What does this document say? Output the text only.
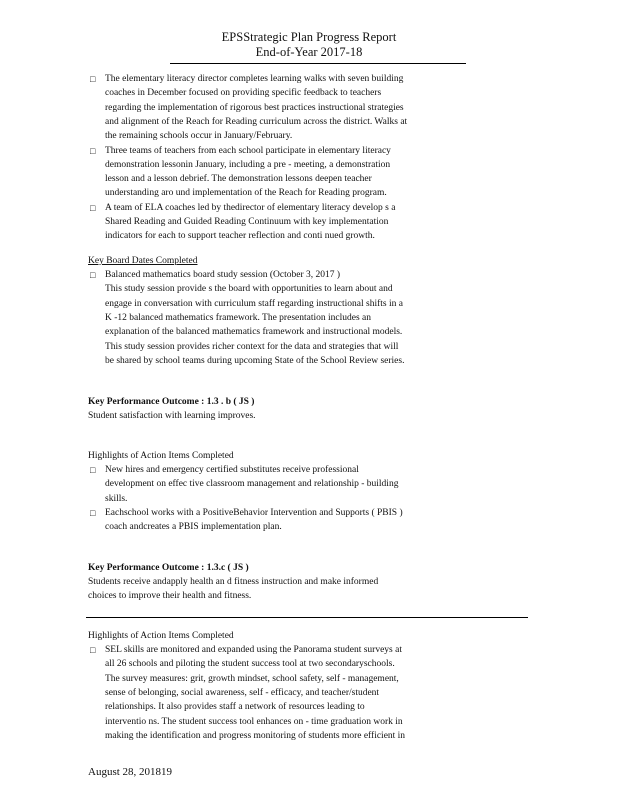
EPSStrategic Plan Progress Report
End-of-Year 2017-18
□ The elementary literacy director completes learning walks with seven building
coaches in December focused on providing specific feedback to teachers
regarding the implementation of rigorous best practices instructional strategies
and alignment of the Reach for Reading curriculum across the district. Walks at
the remaining schools occur in January/February.
□ Three teams of teachers from each school participate in elementary literacy
demonstration lessonin January, including a pre - meeting, a demonstration
lesson and a lesson debrief. The demonstration lessons deepen teacher
understanding aro und implementation of the Reach for Reading program.
□ A team of ELA coaches led by thedirector of elementary literacy develop s a
Shared Reading and Guided Reading Continuum with key implementation
indicators for each to support teacher reflection and conti nued growth.
Key Board Dates Completed
□ Balanced mathematics board study session (October 3, 2017 )
This study session provide s the board with opportunities to learn about and
engage in conversation with curriculum staff regarding instructional shifts in a
K -12 balanced mathematics framework. The presentation includes an
explanation of the balanced mathematics framework and instructional models.
This study session provides richer context for the data and strategies that will
be shared by school teams during upcoming State of the School Review series.
Key Performance Outcome : 1.3 . b ( JS )
Student satisfaction with learning improves.
Highlights of Action Items Completed
□ New hires and emergency certified substitutes receive professional
development on effec tive classroom management and relationship - building
skills.
□ Eachschool works with a PositiveBehavior Intervention and Supports ( PBIS )
coach andcreates a PBIS implementation plan.
Key Performance Outcome : 1.3.c ( JS )
Students receive andapply health an d fitness instruction and make informed
choices to improve their health and fitness.
Highlights of Action Items Completed
□ SEL skills are monitored and expanded using the Panorama student surveys at
all 26 schools and piloting the student success tool at two secondaryschools.
The survey measures: grit, growth mindset, school safety, self - management,
sense of belonging, social awareness, self - efficacy, and teacher/student
relationships. It also provides staff a network of resources leading to
interventio ns. The student success tool enhances on - time graduation work in
making the identification and progress monitoring of students more efficient in
August 28, 201819
